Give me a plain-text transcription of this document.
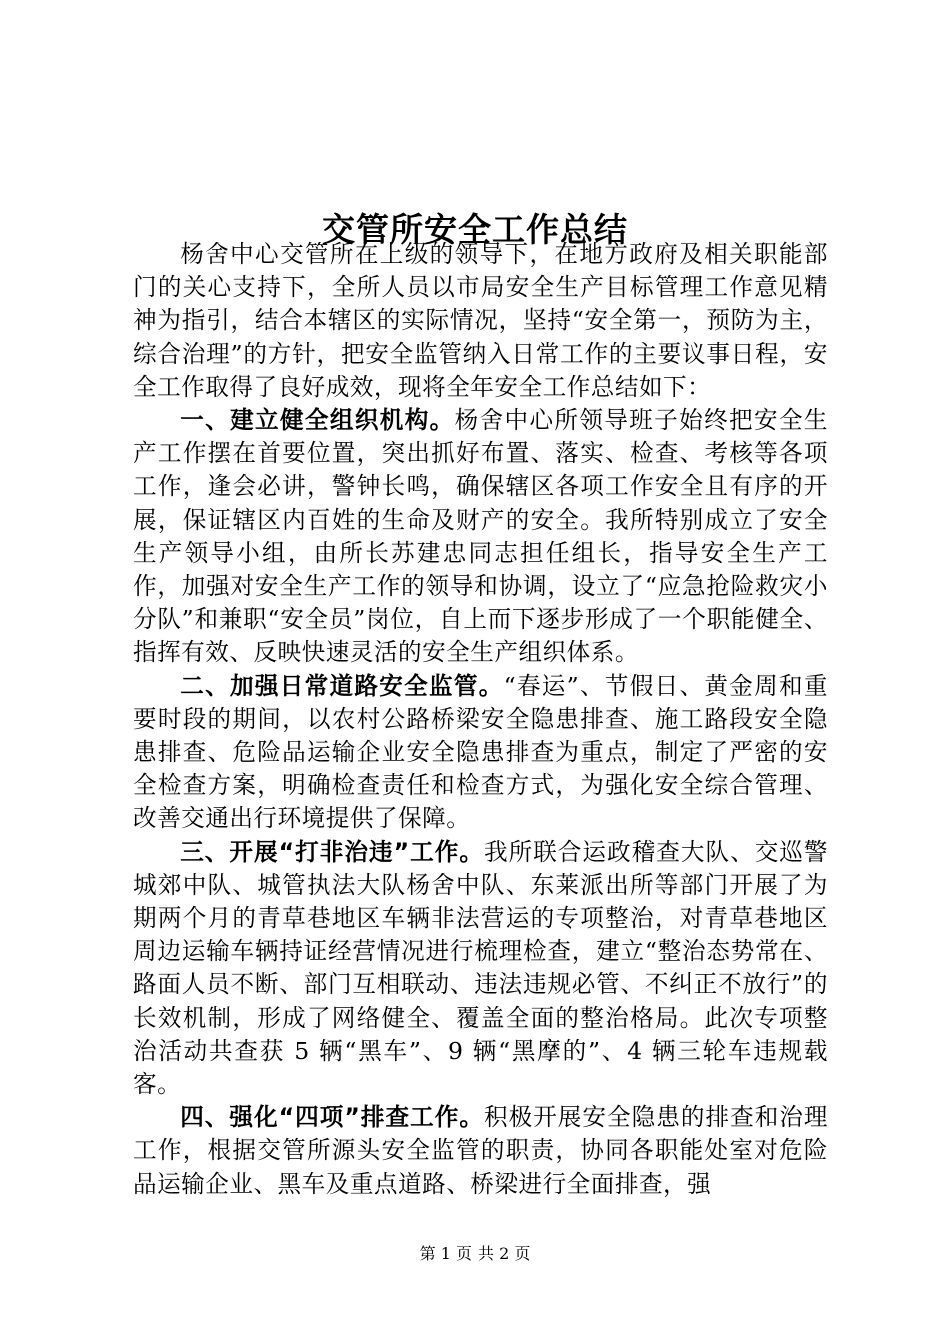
交管所安全工作总结

杨舍中心交管所在上级的领导下，在地方政府及相关职能部门的关心支持下，全所人员以市局安全生产目标管理工作意见精神为指引，结合本辖区的实际情况，坚持“安全第一，预防为主，综合治理”的方针，把安全监管纳入日常工作的主要议事日程，安全工作取得了良好成效，现将全年安全工作总结如下：

一、建立健全组织机构。杨舍中心所领导班子始终把安全生产工作摆在首要位置，突出抓好布置、落实、检查、考核等各项工作，逢会必讲，警钟长鸣，确保辖区各项工作安全且有序的开展，保证辖区内百姓的生命及财产的安全。我所特别成立了安全生产领导小组，由所长苏建忠同志担任组长，指导安全生产工作，加强对安全生产工作的领导和协调，设立了“应急抢险救灾小分队”和兼职“安全员”岗位，自上而下逐步形成了一个职能健全、指挥有效、反映快速灵活的安全生产组织体系。

二、加强日常道路安全监管。“春运”、节假日、黄金周和重要时段的期间，以农村公路桥梁安全隐患排查、施工路段安全隐患排查、危险品运输企业安全隐患排查为重点，制定了严密的安全检查方案，明确检查责任和检查方式，为强化安全综合管理、改善交通出行环境提供了保障。

三、开展“打非治违”工作。我所联合运政稽查大队、交巡警城郊中队、城管执法大队杨舍中队、东莱派出所等部门开展了为期两个月的青草巷地区车辆非法营运的专项整治，对青草巷地区周边运输车辆持证经营情况进行梳理检查，建立“整治态势常在、路面人员不断、部门互相联动、违法违规必管、不纠正不放行”的长效机制，形成了网络健全、覆盖全面的整治格局。此次专项整治活动共查获 5 辆“黑车”、9 辆“黑摩的”、4 辆三轮车违规载客。

四、强化“四项”排查工作。积极开展安全隐患的排查和治理工作，根据交管所源头安全监管的职责，协同各职能处室对危险品运输企业、黑车及重点道路、桥梁进行全面排查，强

第 1 页 共 2 页
